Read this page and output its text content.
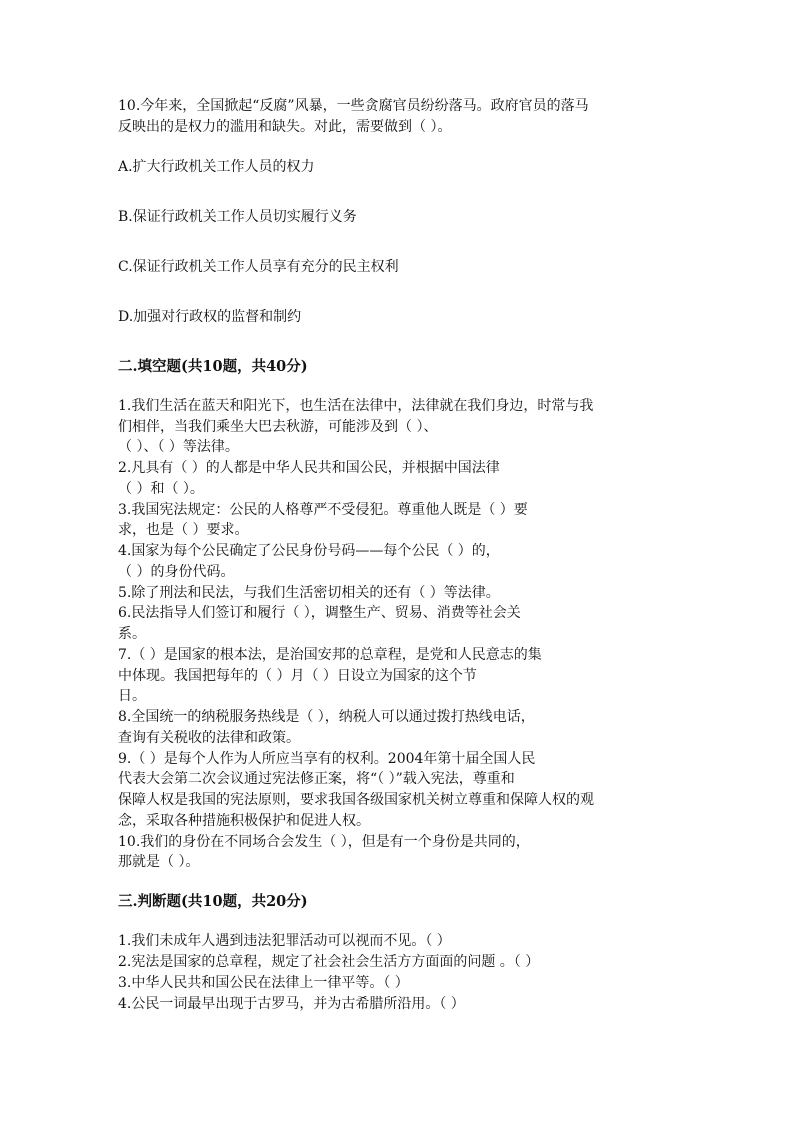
10.今年来，全国掀起“反腐”风暴，一些贪腐官员纷纷落马。政府官员的落马
反映出的是权力的滥用和缺失。对此，需要做到（ ）。
A.扩大行政机关工作人员的权力
B.保证行政机关工作人员切实履行义务
C.保证行政机关工作人员享有充分的民主权利
D.加强对行政权的监督和制约
二.填空题(共10题，共40分)
1.我们生活在蓝天和阳光下，也生活在法律中，法律就在我们身边，时常与我
们相伴，当我们乘坐大巴去秋游，可能涉及到（ ）、
（ ）、（ ）等法律。
2.凡具有（ ）的人都是中华人民共和国公民，并根据中国法律
（ ）和（ ）。
3.我国宪法规定：公民的人格尊严不受侵犯。尊重他人既是（ ）要
求，也是（ ）要求。
4.国家为每个公民确定了公民身份号码——每个公民（ ）的，
（ ）的身份代码。
5.除了刑法和民法，与我们生活密切相关的还有（ ）等法律。
6.民法指导人们签订和履行（ ），调整生产、贸易、消费等社会关
系。
7.（ ）是国家的根本法，是治国安邦的总章程，是党和人民意志的集
中体现。我国把每年的（ ）月（ ）日设立为国家的这个节
日。
8.全国统一的纳税服务热线是（ ），纳税人可以通过拨打热线电话，
查询有关税收的法律和政策。
9.（ ）是每个人作为人所应当享有的权利。2004年第十届全国人民
代表大会第二次会议通过宪法修正案，将“（ ）”载入宪法，尊重和
保障人权是我国的宪法原则，要求我国各级国家机关树立尊重和保障人权的观
念，采取各种措施积极保护和促进人权。
10.我们的身份在不同场合会发生（ ），但是有一个身份是共同的，
那就是（ ）。
三.判断题(共10题，共20分)
1.我们未成年人遇到违法犯罪活动可以视而不见。（ ）
2.宪法是国家的总章程，规定了社会社会生活方方面面的问题 。（ ）
3.中华人民共和国公民在法律上一律平等。（ ）
4.公民一词最早出现于古罗马，并为古希腊所沿用。（ ）
